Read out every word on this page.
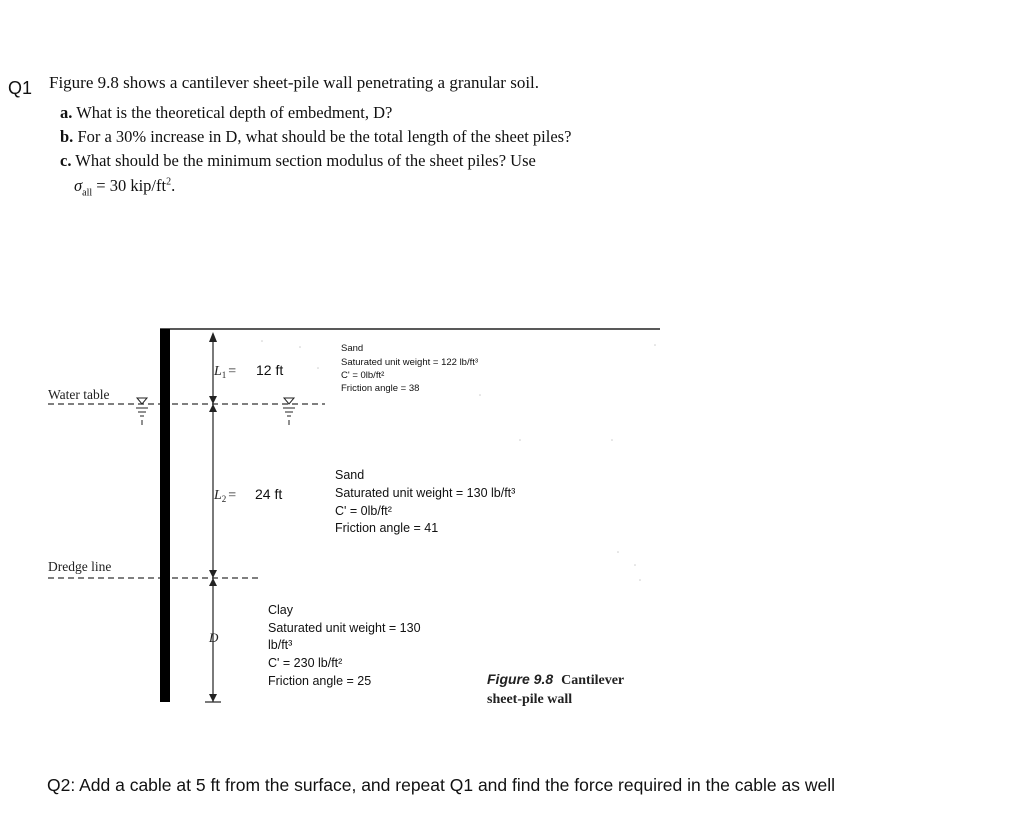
Q1 Figure 9.8 shows a cantilever sheet-pile wall penetrating a granular soil.
a. What is the theoretical depth of embedment, D?
b. For a 30% increase in D, what should be the total length of the sheet piles?
c. What should be the minimum section modulus of the sheet piles? Use
$\sigma_{all} = 30$ kip/$ft^2$.
Water table
Dredge line
$L_1 = 12$ ft
$L_2 = 24$ ft
D
Sand
Saturated unit weight = 122 lb/ft³
C' = 0lb/ft²
Friction angle = 38
Sand
Saturated unit weight = 130 lb/ft³
C' = 0lb/ft²
Friction angle = 41
Clay
Saturated unit weight = 130
lb/ft³
C' = 230 lb/ft²
Friction angle = 25	Figure 9.8 Cantilever
sheet-pile wall
Q2: Add a cable at 5 ft from the surface, and repeat Q1 and find the force required in the cable as well
